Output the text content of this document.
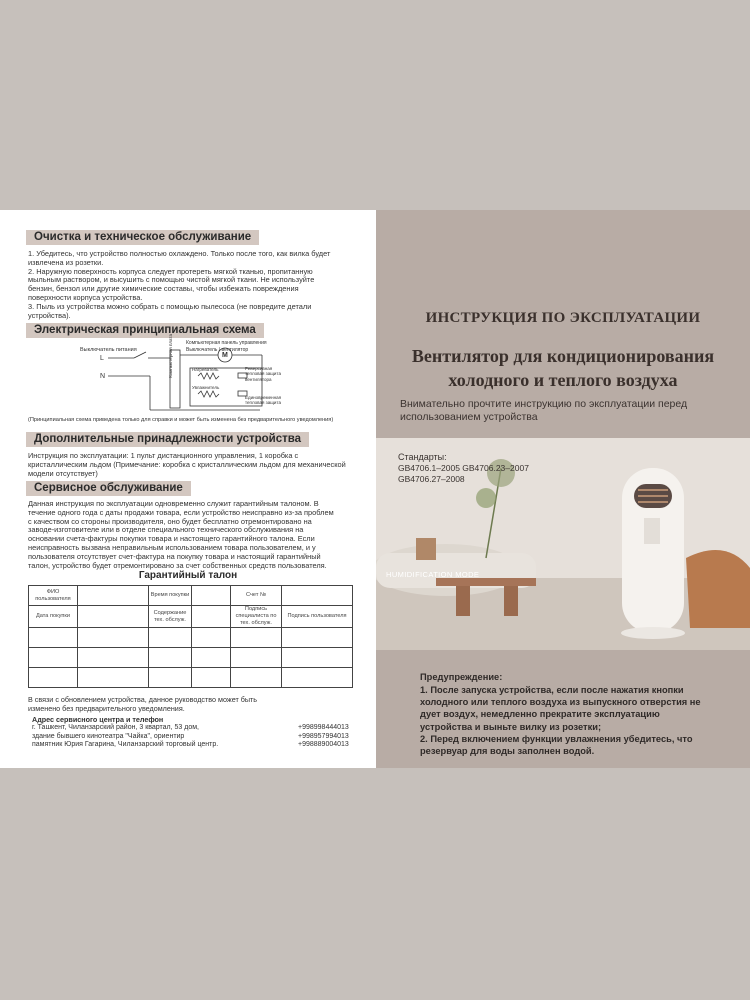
Очистка и техническое обслуживание
1. Убедитесь, что устройство полностью охлаждено. Только после того, как вилка будет
извлечена из розетки.
2. Наружную поверхность корпуса следует протереть мягкой тканью, пропитанную
мыльным раствором, и высушить с помощью чистой мягкой ткани. Не используйте
бензин, бензол или другие химические составы, чтобы избежать повреждения
поверхности корпуса устройства.
3. Пыль из устройства можно собрать с помощью пылесоса (не повредите детали
устройства).
Электрическая принципиальная схема
Выключатель питания
L
N
Компьютерная панель управления
Выключатель / вентилятор
M
Компьютерная плата	Нагреватель
Увлажнитель
Реверсивная тепловая защита
вентилятора
Единовременная тепловая защита
(Принципиальная схема приведена только для справки и может быть изменена без предварительного уведомления)
Дополнительные принадлежности устройства
Инструкция по эксплуатации: 1 пульт дистанционного управления, 1 коробка с
кристаллическим льдом (Примечание: коробка с кристаллическим льдом для механической
модели отсутствует)
Сервисное обслуживание
Данная инструкция по эксплуатации одновременно служит гарантийным талоном. В
течение одного года с даты продажи товара, если устройство неисправно из-за проблем
с качеством со стороны производителя, оно будет бесплатно отремонтировано на
заводе-изготовителе или в отделе специального технического обслуживания на
основании счета-фактуры покупки товара и настоящего гарантийного талона. Если
неисправность вызвана неправильным использованием товара пользователем, и у
пользователя отсутствует счет-фактура на покупку товара и настоящий гарантийный
талон, устройство будет отремонтировано за счет собственных средств пользователя.
Гарантийный талон
ФИО пользователя		Время покупки		Счет №	
Дата покупки		Содержание тех. обслуж.		Подпись специалиста по тех. обслуж.	Подпись пользователя

В связи с обновлением устройства, данное руководство может быть
изменено без предварительного уведомления.
Адрес сервисного центра и телефон
г. Ташкент, Чиланзарский район, 3 квартал, 53 дом,
здание бывшего кинотеатра "Чайка", ориентир
памятник Юрия Гагарина, Чиланзарский торговый центр.
+998998444013
+998957994013
+998889004013
ИНСТРУКЦИЯ ПО ЭКСПЛУАТАЦИИ
Вентилятор для кондиционирования
холодного и теплого воздуха
Внимательно прочтите инструкцию по эксплуатации перед
использованием устройства
Стандарты:
GB4706.1–2005 GB4706.23–2007
GB4706.27–2008
HUMIDIFICATION MODE
Предупреждение:
1. После запуска устройства, если после нажатия кнопки
холодного или теплого воздуха из выпускного отверстия не
дует воздух, немедленно прекратите эксплуатацию
устройства и выньте вилку из розетки;
2. Перед включением функции увлажнения убедитесь, что
резервуар для воды заполнен водой.
